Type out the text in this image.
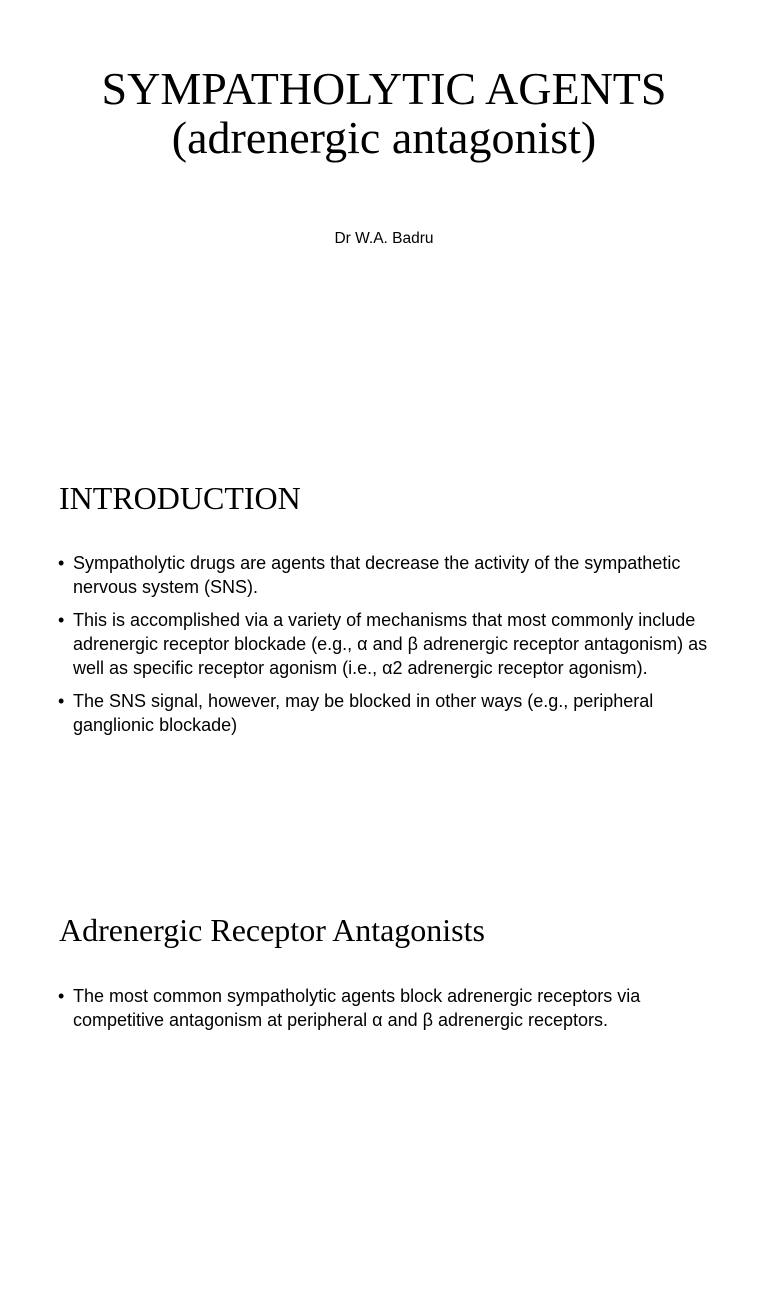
SYMPATHOLYTIC AGENTS (adrenergic antagonist)

Dr W.A. Badru

INTRODUCTION
• Sympatholytic drugs are agents that decrease the activity of the sympathetic nervous system (SNS).
• This is accomplished via a variety of mechanisms that most commonly include adrenergic receptor blockade (e.g., α and β adrenergic receptor antagonism) as well as specific receptor agonism (i.e., α2 adrenergic receptor agonism).
• The SNS signal, however, may be blocked in other ways (e.g., peripheral ganglionic blockade)
Adrenergic Receptor Antagonists
• The most common sympatholytic agents block adrenergic receptors via competitive antagonism at peripheral α and β adrenergic receptors.
